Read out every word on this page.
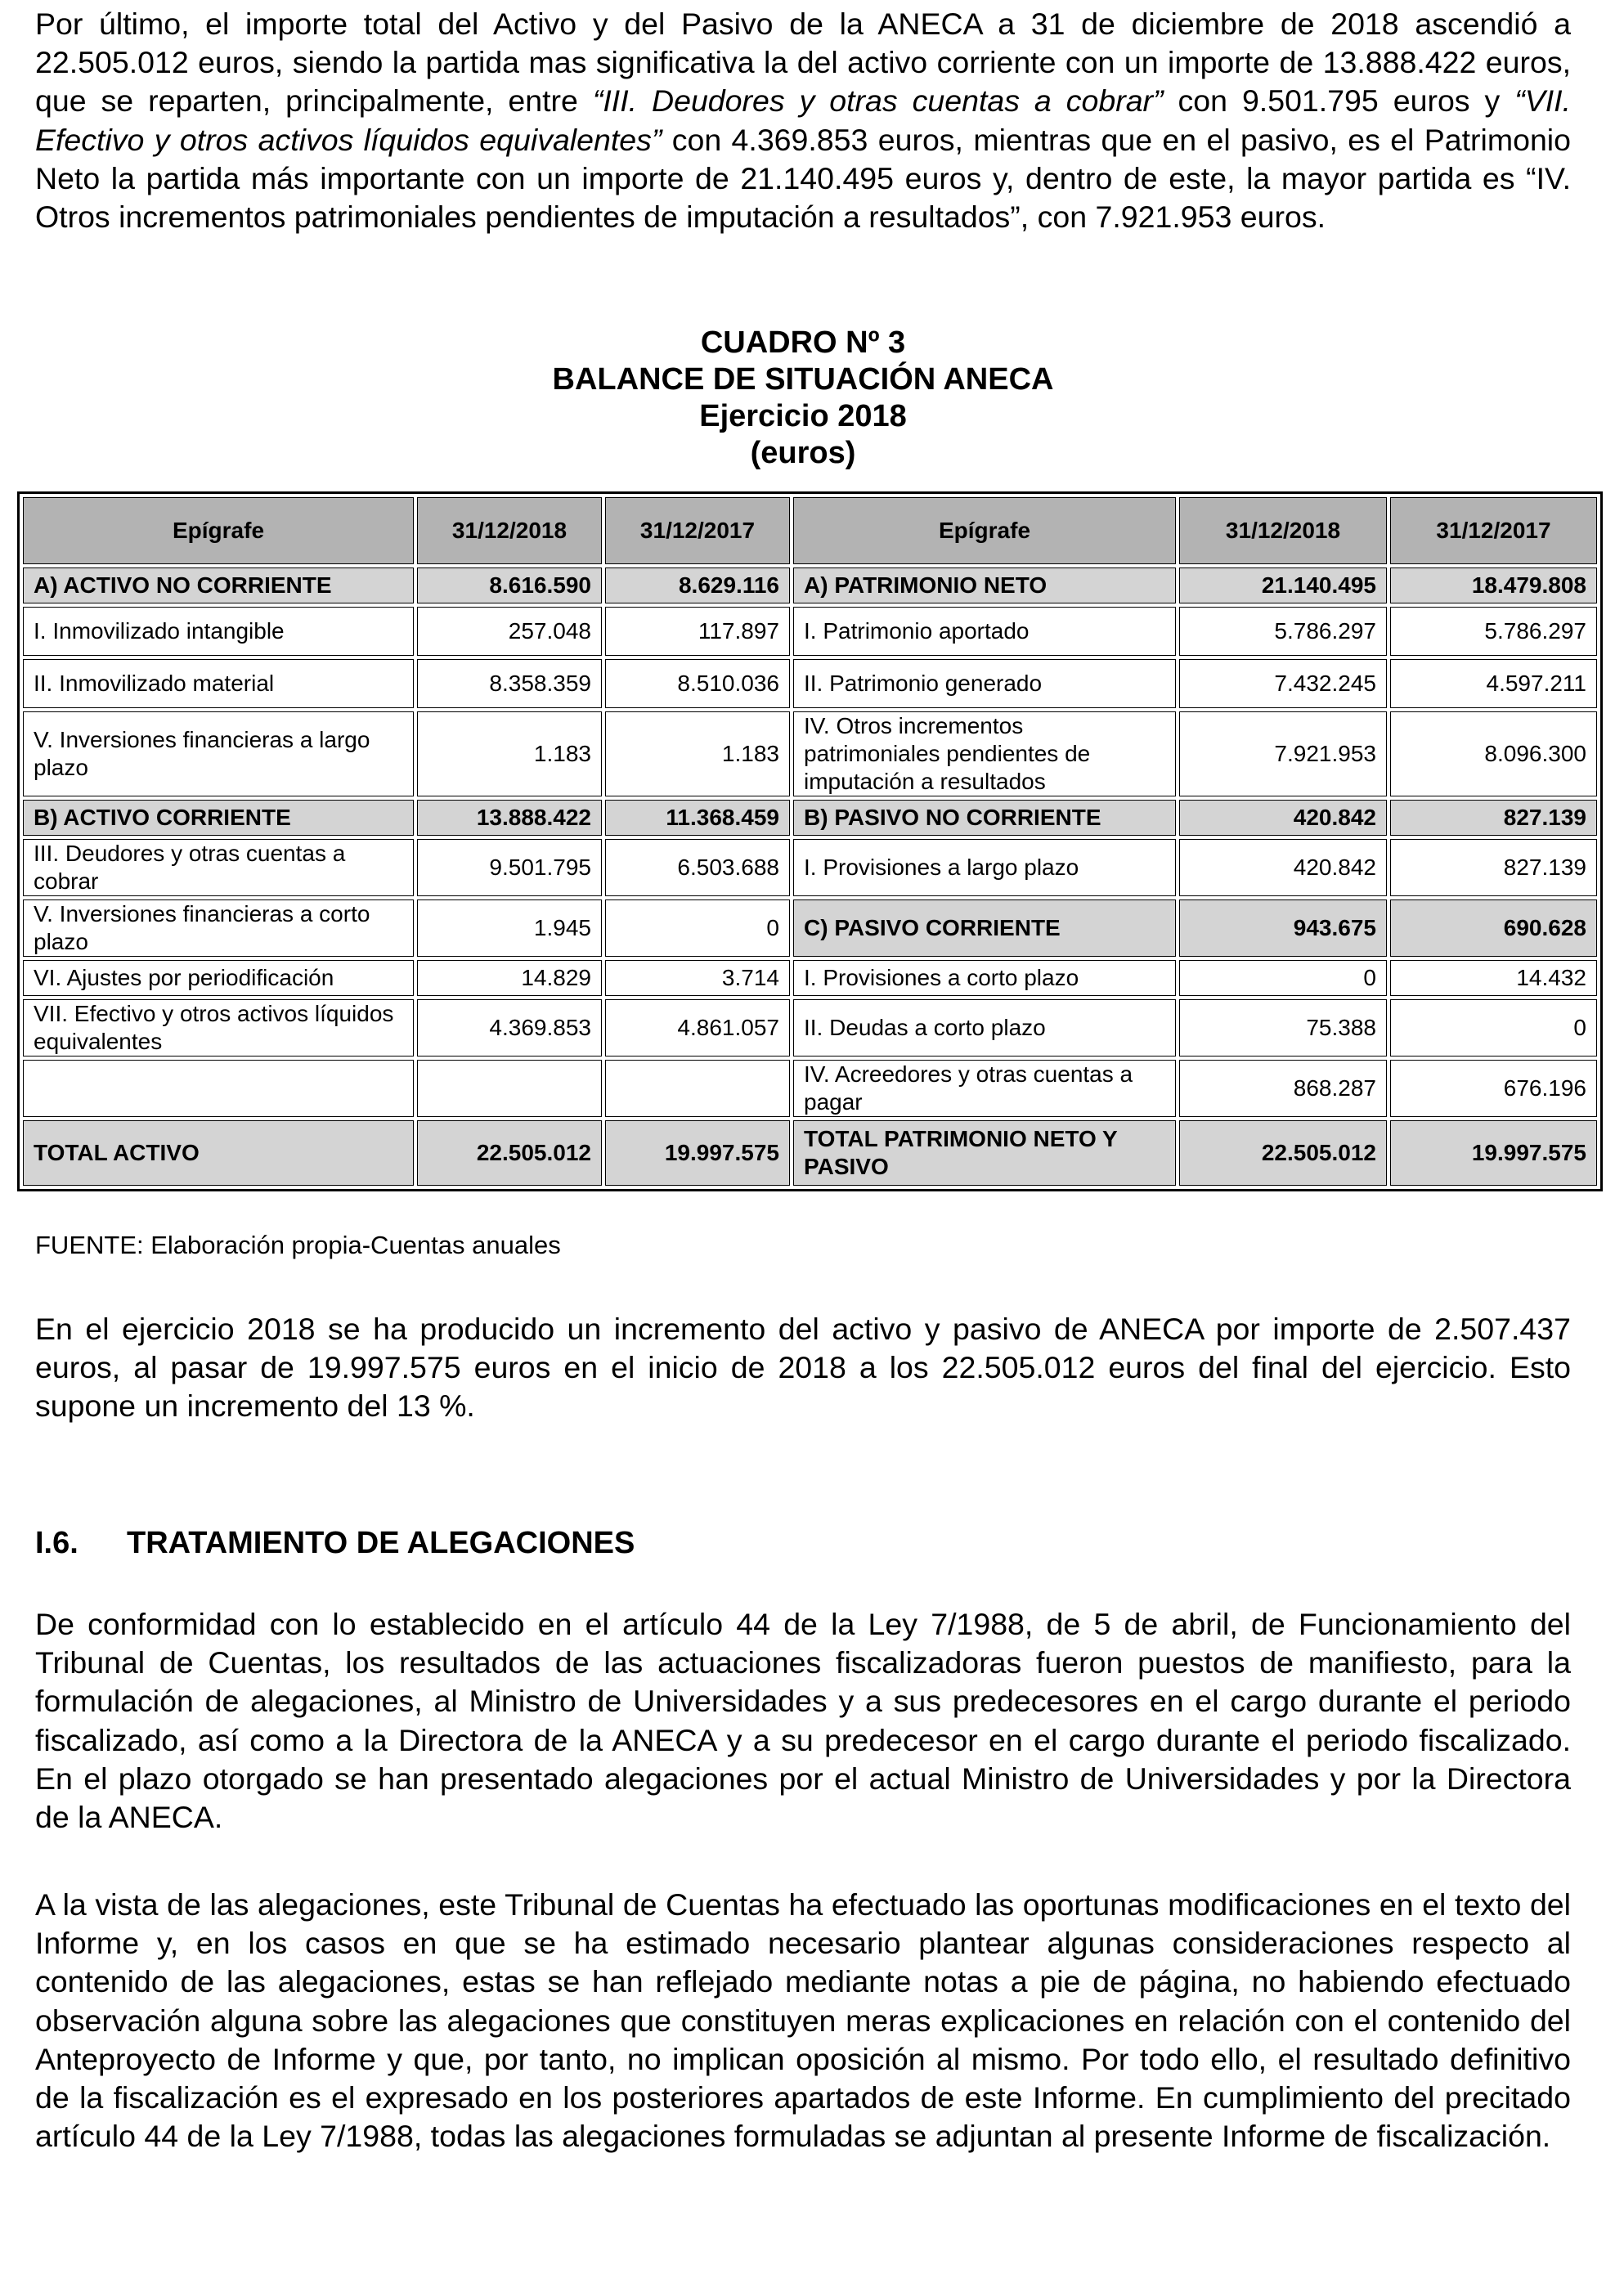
Por último, el importe total del Activo y del Pasivo de la ANECA a 31 de diciembre de 2018 ascendió a 22.505.012 euros, siendo la partida mas significativa la del activo corriente con un importe de 13.888.422 euros, que se reparten, principalmente, entre “III. Deudores y otras cuentas a cobrar” con 9.501.795 euros y “VII. Efectivo y otros activos líquidos equivalentes” con 4.369.853 euros, mientras que en el pasivo, es el Patrimonio Neto la partida más importante con un importe de 21.140.495 euros y, dentro de este, la mayor partida es “IV. Otros incrementos patrimoniales pendientes de imputación a resultados”, con 7.921.953 euros.

CUADRO Nº 3
BALANCE DE SITUACIÓN ANECA
Ejercicio 2018
(euros)
Epígrafe	31/12/2018	31/12/2017	Epígrafe	31/12/2018	31/12/2017
A) ACTIVO NO CORRIENTE	8.616.590	8.629.116	A) PATRIMONIO NETO	21.140.495	18.479.808
I. Inmovilizado intangible	257.048	117.897	I. Patrimonio aportado	5.786.297	5.786.297
II. Inmovilizado material	8.358.359	8.510.036	II. Patrimonio generado	7.432.245	4.597.211
V. Inversiones financieras a largo plazo	1.183	1.183	IV. Otros incrementos patrimoniales pendientes de imputación a resultados	7.921.953	8.096.300
B) ACTIVO CORRIENTE	13.888.422	11.368.459	B) PASIVO NO CORRIENTE	420.842	827.139
III. Deudores y otras cuentas a cobrar	9.501.795	6.503.688	I. Provisiones a largo plazo	420.842	827.139
V. Inversiones financieras a corto plazo	1.945	0	C) PASIVO CORRIENTE	943.675	690.628
VI. Ajustes por periodificación	14.829	3.714	I. Provisiones a corto plazo	0	14.432
VII. Efectivo y otros activos líquidos equivalentes	4.369.853	4.861.057	II. Deudas a corto plazo	75.388	0
			IV. Acreedores y otras cuentas a pagar	868.287	676.196
TOTAL ACTIVO	22.505.012	19.997.575	TOTAL PATRIMONIO NETO Y PASIVO	22.505.012	19.997.575
FUENTE: Elaboración propia-Cuentas anuales

En el ejercicio 2018 se ha producido un incremento del activo y pasivo de ANECA por importe de 2.507.437 euros, al pasar de 19.997.575 euros en el inicio de 2018 a los 22.505.012 euros del final del ejercicio. Esto supone un incremento del 13 %.

I.6. TRATAMIENTO DE ALEGACIONES

De conformidad con lo establecido en el artículo 44 de la Ley 7/1988, de 5 de abril, de Funcionamiento del Tribunal de Cuentas, los resultados de las actuaciones fiscalizadoras fueron puestos de manifiesto, para la formulación de alegaciones, al Ministro de Universidades y a sus predecesores en el cargo durante el periodo fiscalizado, así como a la Directora de la ANECA y a su predecesor en el cargo durante el periodo fiscalizado. En el plazo otorgado se han presentado alegaciones por el actual Ministro de Universidades y por la Directora de la ANECA.

A la vista de las alegaciones, este Tribunal de Cuentas ha efectuado las oportunas modificaciones en el texto del Informe y, en los casos en que se ha estimado necesario plantear algunas consideraciones respecto al contenido de las alegaciones, estas se han reflejado mediante notas a pie de página, no habiendo efectuado observación alguna sobre las alegaciones que constituyen meras explicaciones en relación con el contenido del Anteproyecto de Informe y que, por tanto, no implican oposición al mismo. Por todo ello, el resultado definitivo de la fiscalización es el expresado en los posteriores apartados de este Informe. En cumplimiento del precitado artículo 44 de la Ley 7/1988, todas las alegaciones formuladas se adjuntan al presente Informe de fiscalización.
